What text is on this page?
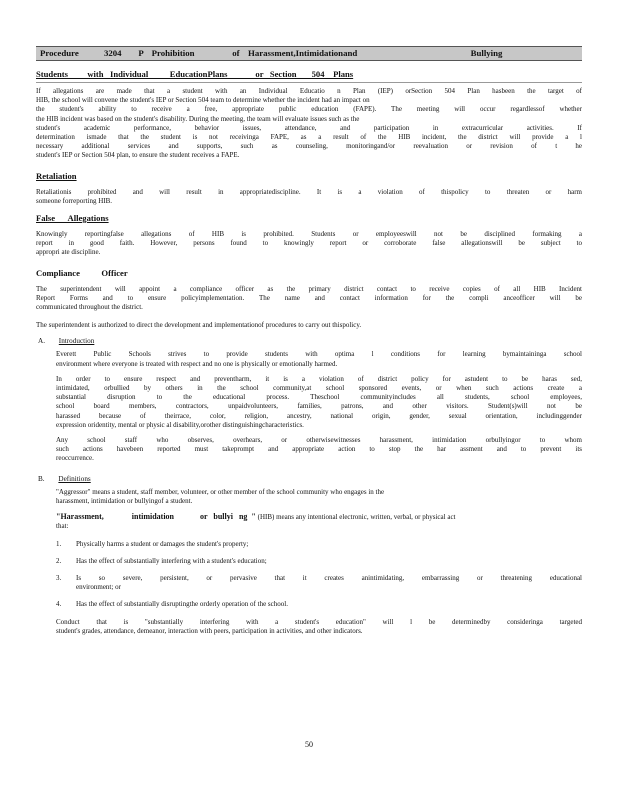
Procedure      3204    P  Prohibition         of  Harassment,Intimidationand                           Bullying
Students         with   Individual          EducationPlans             or   Section       504    Plans

If allegations are made that a student with an Individual Educatio n Plan (IEP) orSection 504 Plan hasbeen the target of

HIB, the school will convene the student's IEP or Section 504 team to determine whether the incident had an impact on

the student's ability to receive a free, appropriate public education (FAPE). The meeting will occur regardlessof whether

the HIB incident was based on the student's disability. During the meeting, the team will evaluate issues such as the

student's academic performance, behavior issues, attendance, and participation in extracurricular activities. If

determination ismade that the student is not receivinga FAPE, as a result of the HIB incident, the district will provide a l

necessary additional services and supports, such as counseling, monitoringand/or reevaluation or revision of t he

student's IEP or Section 504 plan, to ensure the student receives a FAPE.

Retaliation

Retaliationis prohibited and will result in appropriatediscipline. It is a violation of thispolicy to threaten or harm

someone forreporting HIB.

False      Allegations

Knowingly reportingfalse allegations of HIB is prohibited. Students or employeeswill not be disciplined formaking a

report in good faith. However, persons found to knowingly report or corroborate false allegationswill be subject to

appropri ate discipline.

Compliance          Officer

The superintendent will appoint a compliance officer as the primary district contact to receive copies of all HIB Incident

Report Forms and to ensure policyimplementation. The name and contact information for the compli anceofficer will be

communicated throughout the district.

The superintendent is authorized to direct the development and implementationof procedures to carry out thispolicy.

A. Introduction

Everett Public Schools strives to provide students with optima l conditions for learning bymaintaininga school

environment where everyone is treated with respect and no one is physically or emotionally harmed.

In order to ensure respect and preventharm, it is a violation of district policy for astudent to be haras sed,

intimidated, orbullied by others in the school community,at school sponsored events, or when such actions create a

substantial disruption to the educational process. Theschool communityincludes all students, school employees,

school board members, contractors, unpaidvolunteers, families, patrons, and other visitors. Student(s)will not be

harassed because of theirrace, color, religion, ancestry, national origin, gender, sexual orientation, includinggender

expression oridentity, mental or physic al disability,orother distinguishingcharacteristics.

Any school staff who observes, overhears, or otherwisewitnesses harassment, intimidation orbullyingor to whom

such actions havebeen reported must takeprompt and appropriate action to stop the har assment and to prevent its

reoccurrence.

B. Definitions

"Aggressor" means a student, staff member, volunteer, or other member of the school community who engages in the

harassment, intimidation or bullyingof a student.

"Harassment,              intimidation             or   bullyi   ng  " (HIB) means any intentional electronic, written, verbal, or physical act

that:

1. Physically harms a student or damages the student's property;

2. Has the effect of substantially interfering with a student's education;

3. Is so severe, persistent, or pervasive that it creates anintimidating, embarrassing or threatening educational

environment; or

4. Has the effect of substantially disruptingthe orderly operation of the school.

Conduct that is "substantially interfering with a student's education" will l be determinedby consideringa targeted

student's grades, attendance, demeanor, interaction with peers, participation in activities, and other indicators.

50
